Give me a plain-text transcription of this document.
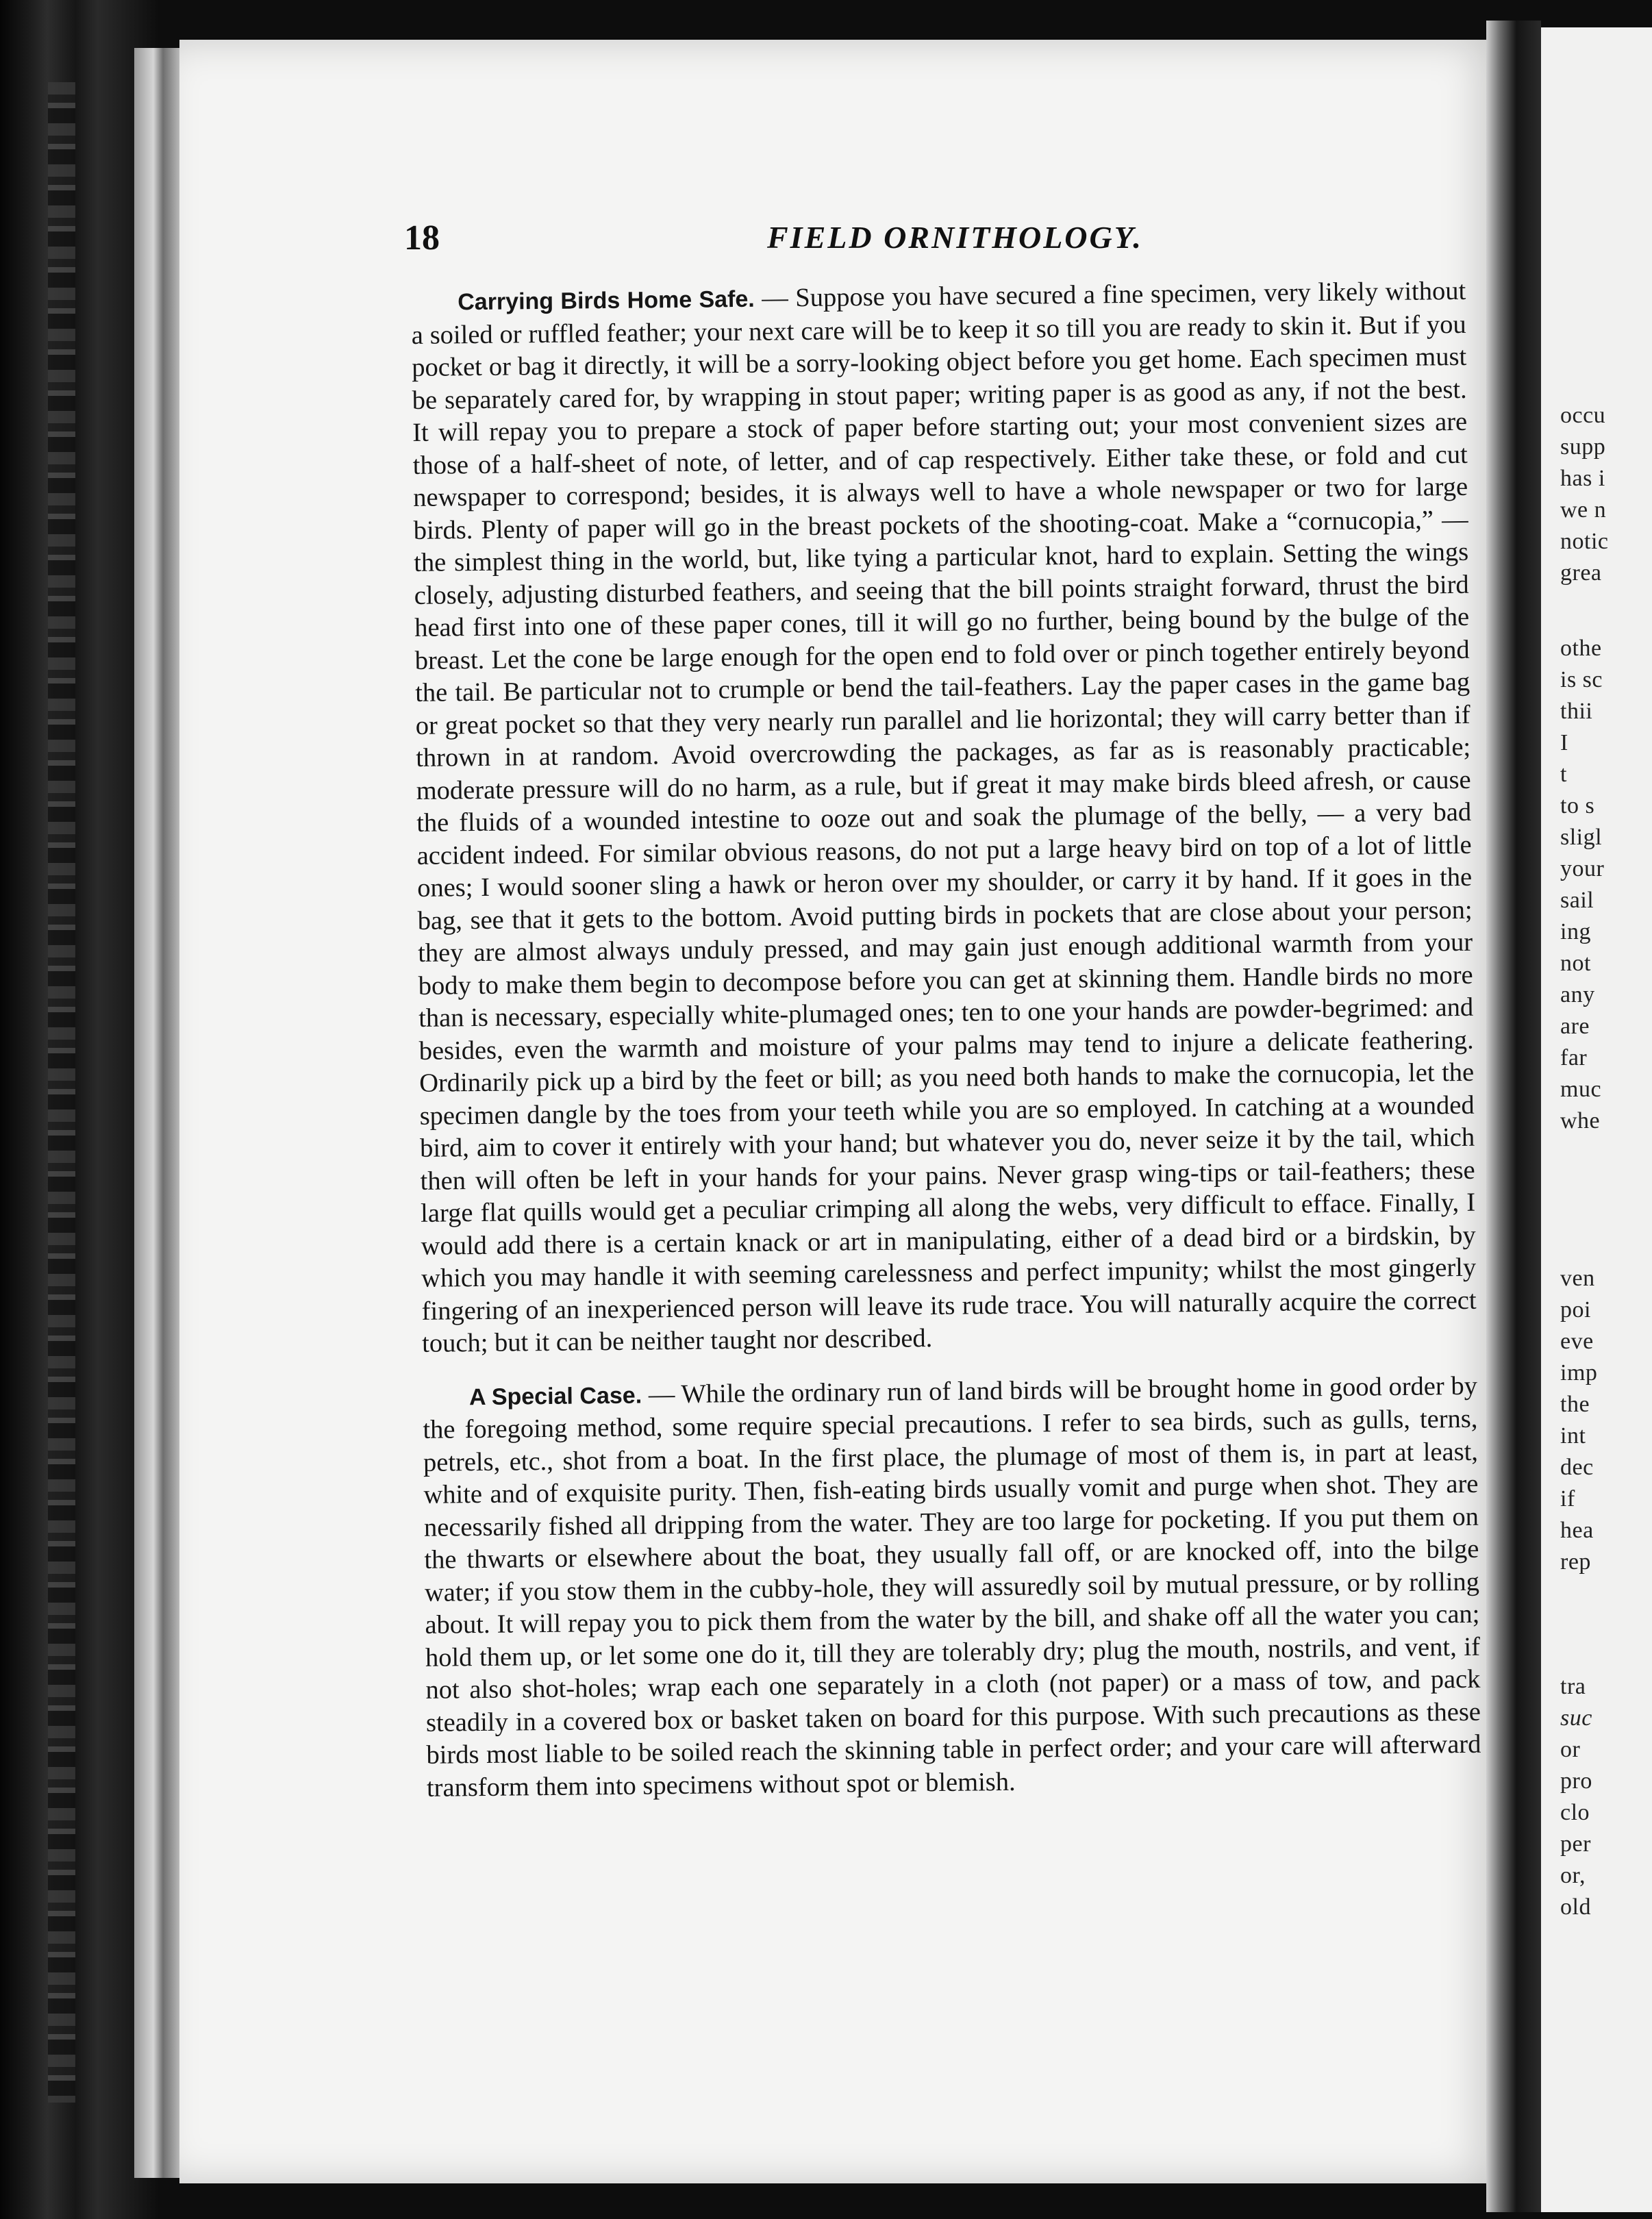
18	FIELD ORNITHOLOGY.

Carrying Birds Home Safe. — Suppose you have secured a fine specimen, very likely without a soiled or ruffled feather; your next care will be to keep it so till you are ready to skin it. But if you pocket or bag it directly, it will be a sorry-looking object before you get home. Each specimen must be separately cared for, by wrapping in stout paper; writing paper is as good as any, if not the best. It will repay you to prepare a stock of paper before starting out; your most convenient sizes are those of a half-sheet of note, of letter, and of cap respectively. Either take these, or fold and cut newspaper to correspond; besides, it is always well to have a whole newspaper or two for large birds. Plenty of paper will go in the breast pockets of the shooting-coat. Make a “cornucopia,” — the simplest thing in the world, but, like tying a particular knot, hard to explain. Setting the wings closely, adjusting disturbed feathers, and seeing that the bill points straight forward, thrust the bird head first into one of these paper cones, till it will go no further, being bound by the bulge of the breast. Let the cone be large enough for the open end to fold over or pinch together entirely beyond the tail. Be particular not to crumple or bend the tail-feathers. Lay the paper cases in the game bag or great pocket so that they very nearly run parallel and lie horizontal; they will carry better than if thrown in at random. Avoid overcrowding the packages, as far as is reasonably practicable; moderate pressure will do no harm, as a rule, but if great it may make birds bleed afresh, or cause the fluids of a wounded intestine to ooze out and soak the plumage of the belly, — a very bad accident indeed. For similar obvious reasons, do not put a large heavy bird on top of a lot of little ones; I would sooner sling a hawk or heron over my shoulder, or carry it by hand. If it goes in the bag, see that it gets to the bottom. Avoid putting birds in pockets that are close about your person; they are almost always unduly pressed, and may gain just enough additional warmth from your body to make them begin to decompose before you can get at skinning them. Handle birds no more than is necessary, especially white-plumaged ones; ten to one your hands are powder-begrimed: and besides, even the warmth and moisture of your palms may tend to injure a delicate feathering. Ordinarily pick up a bird by the feet or bill; as you need both hands to make the cornucopia, let the specimen dangle by the toes from your teeth while you are so employed. In catching at a wounded bird, aim to cover it entirely with your hand; but whatever you do, never seize it by the tail, which then will often be left in your hands for your pains. Never grasp wing-tips or tail-feathers; these large flat quills would get a peculiar crimping all along the webs, very difficult to efface. Finally, I would add there is a certain knack or art in manipulating, either of a dead bird or a birdskin, by which you may handle it with seeming carelessness and perfect impunity; whilst the most gingerly fingering of an inexperienced person will leave its rude trace. You will naturally acquire the correct touch; but it can be neither taught nor described.

A Special Case. — While the ordinary run of land birds will be brought home in good order by the foregoing method, some require special precautions. I refer to sea birds, such as gulls, terns, petrels, etc., shot from a boat. In the first place, the plumage of most of them is, in part at least, white and of exquisite purity. Then, fish-eating birds usually vomit and purge when shot. They are necessarily fished all dripping from the water. They are too large for pocketing. If you put them on the thwarts or elsewhere about the boat, they usually fall off, or are knocked off, into the bilge water; if you stow them in the cubby-hole, they will assuredly soil by mutual pressure, or by rolling about. It will repay you to pick them from the water by the bill, and shake off all the water you can; hold them up, or let some one do it, till they are tolerably dry; plug the mouth, nostrils, and vent, if not also shot-holes; wrap each one separately in a cloth (not paper) or a mass of tow, and pack steadily in a covered box or basket taken on board for this purpose. With such precautions as these birds most liable to be soiled reach the skinning table in perfect order; and your care will afterward transform them into specimens without spot or blemish.

occu
supp
has i
we n
notic
grea
othe
is sc
thii
I
t
to s
sligl
your
sail
ing
not
any
are
far
muc
whe
ven
poi
eve
imp
the
int
dec
if
hea
rep
tra
suc
or
pro
clo
per
or,
old
